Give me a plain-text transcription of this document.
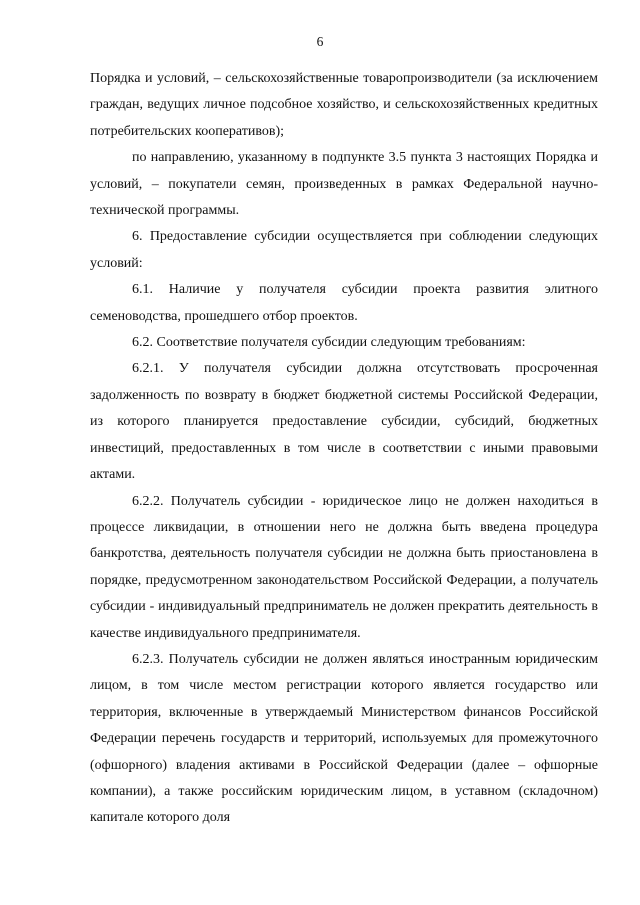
6

Порядка и условий, – сельскохозяйственные товаропроизводители (за исключением граждан, ведущих личное подсобное хозяйство, и сельскохозяйственных кредитных потребительских кооперативов);

по направлению, указанному в подпункте 3.5 пункта 3 настоящих Порядка и условий, – покупатели семян, произведенных в рамках Федеральной научно-технической программы.

6. Предоставление субсидии осуществляется при соблюдении следующих условий:

6.1. Наличие у получателя субсидии проекта развития элитного семеноводства, прошедшего отбор проектов.

6.2. Соответствие получателя субсидии следующим требованиям:

6.2.1. У получателя субсидии должна отсутствовать просроченная задолженность по возврату в бюджет бюджетной системы Российской Федерации, из которого планируется предоставление субсидии, субсидий, бюджетных инвестиций, предоставленных в том числе в соответствии с иными правовыми актами.

6.2.2. Получатель субсидии - юридическое лицо не должен находиться в процессе ликвидации, в отношении него не должна быть введена процедура банкротства, деятельность получателя субсидии не должна быть приостановлена в порядке, предусмотренном законодательством Российской Федерации, а получатель субсидии - индивидуальный предприниматель не должен прекратить деятельность в качестве индивидуального предпринимателя.

6.2.3. Получатель субсидии не должен являться иностранным юридическим лицом, в том числе местом регистрации которого является государство или территория, включенные в утверждаемый Министерством финансов Российской Федерации перечень государств и территорий, используемых для промежуточного (офшорного) владения активами в Российской Федерации (далее – офшорные компании), а также российским юридическим лицом, в уставном (складочном) капитале которого доля
